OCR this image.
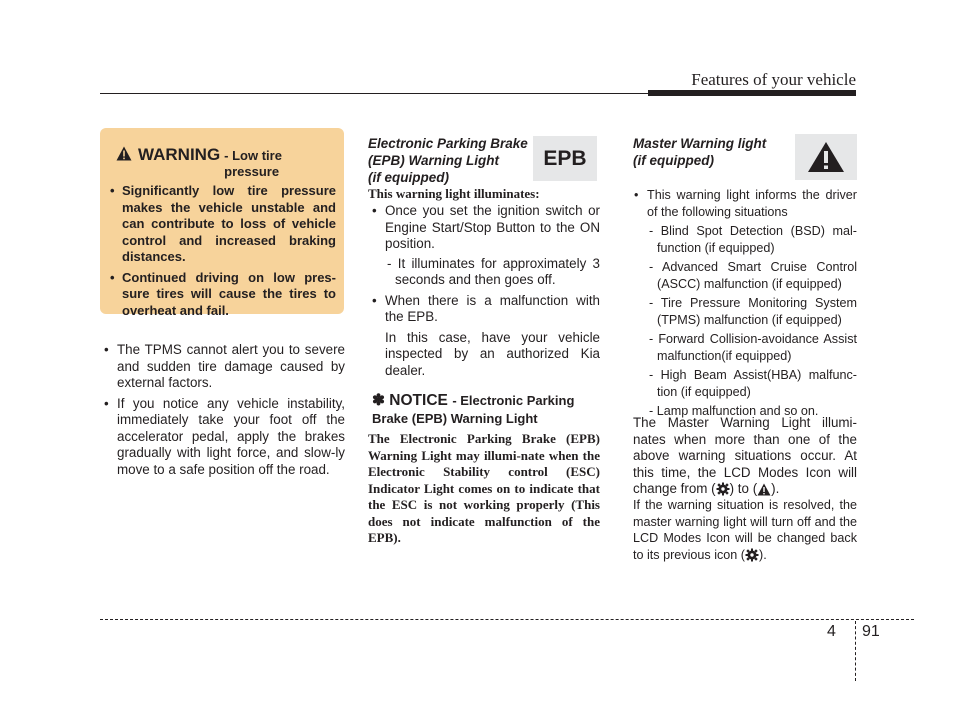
Features of your vehicle
WARNING - Low tire pressure
• Significantly low tire pressure makes the vehicle unstable and can contribute to loss of vehicle control and increased braking distances.
• Continued driving on low pres-sure tires will cause the tires to overheat and fail.
• The TPMS cannot alert you to severe and sudden tire damage caused by external factors.
• If you notice any vehicle instability, immediately take your foot off the accelerator pedal, apply the brakes gradually with light force, and slow-ly move to a safe position off the road.
Electronic Parking Brake
(EPB) Warning Light
(if equipped)
EPB
This warning light illuminates:
• Once you set the ignition switch or Engine Start/Stop Button to the ON position.
- It illuminates for approximately 3 seconds and then goes off.
• When there is a malfunction with the EPB.
In this case, have your vehicle inspected by an authorized Kia dealer.
✽ NOTICE - Electronic Parking Brake (EPB) Warning Light
The Electronic Parking Brake (EPB) Warning Light may illumi-nate when the Electronic Stability control (ESC) Indicator Light comes on to indicate that the ESC is not working properly (This does not indicate malfunction of the EPB).
Master Warning light
(if equipped)
• This warning light informs the driver of the following situations
- Blind Spot Detection (BSD) mal-function (if equipped)
- Advanced Smart Cruise Control (ASCC) malfunction (if equipped)
- Tire Pressure Monitoring System (TPMS) malfunction (if equipped)
- Forward Collision-avoidance Assist malfunction(if equipped)
- High Beam Assist(HBA) malfunc-tion (if equipped)
- Lamp malfunction and so on.
The Master Warning Light illumi-nates when more than one of the above warning situations occur. At this time, the LCD Modes Icon will change from ( ) to ( ).
If the warning situation is resolved, the master warning light will turn off and the LCD Modes Icon will be changed back to its previous icon ( ).
4 91
